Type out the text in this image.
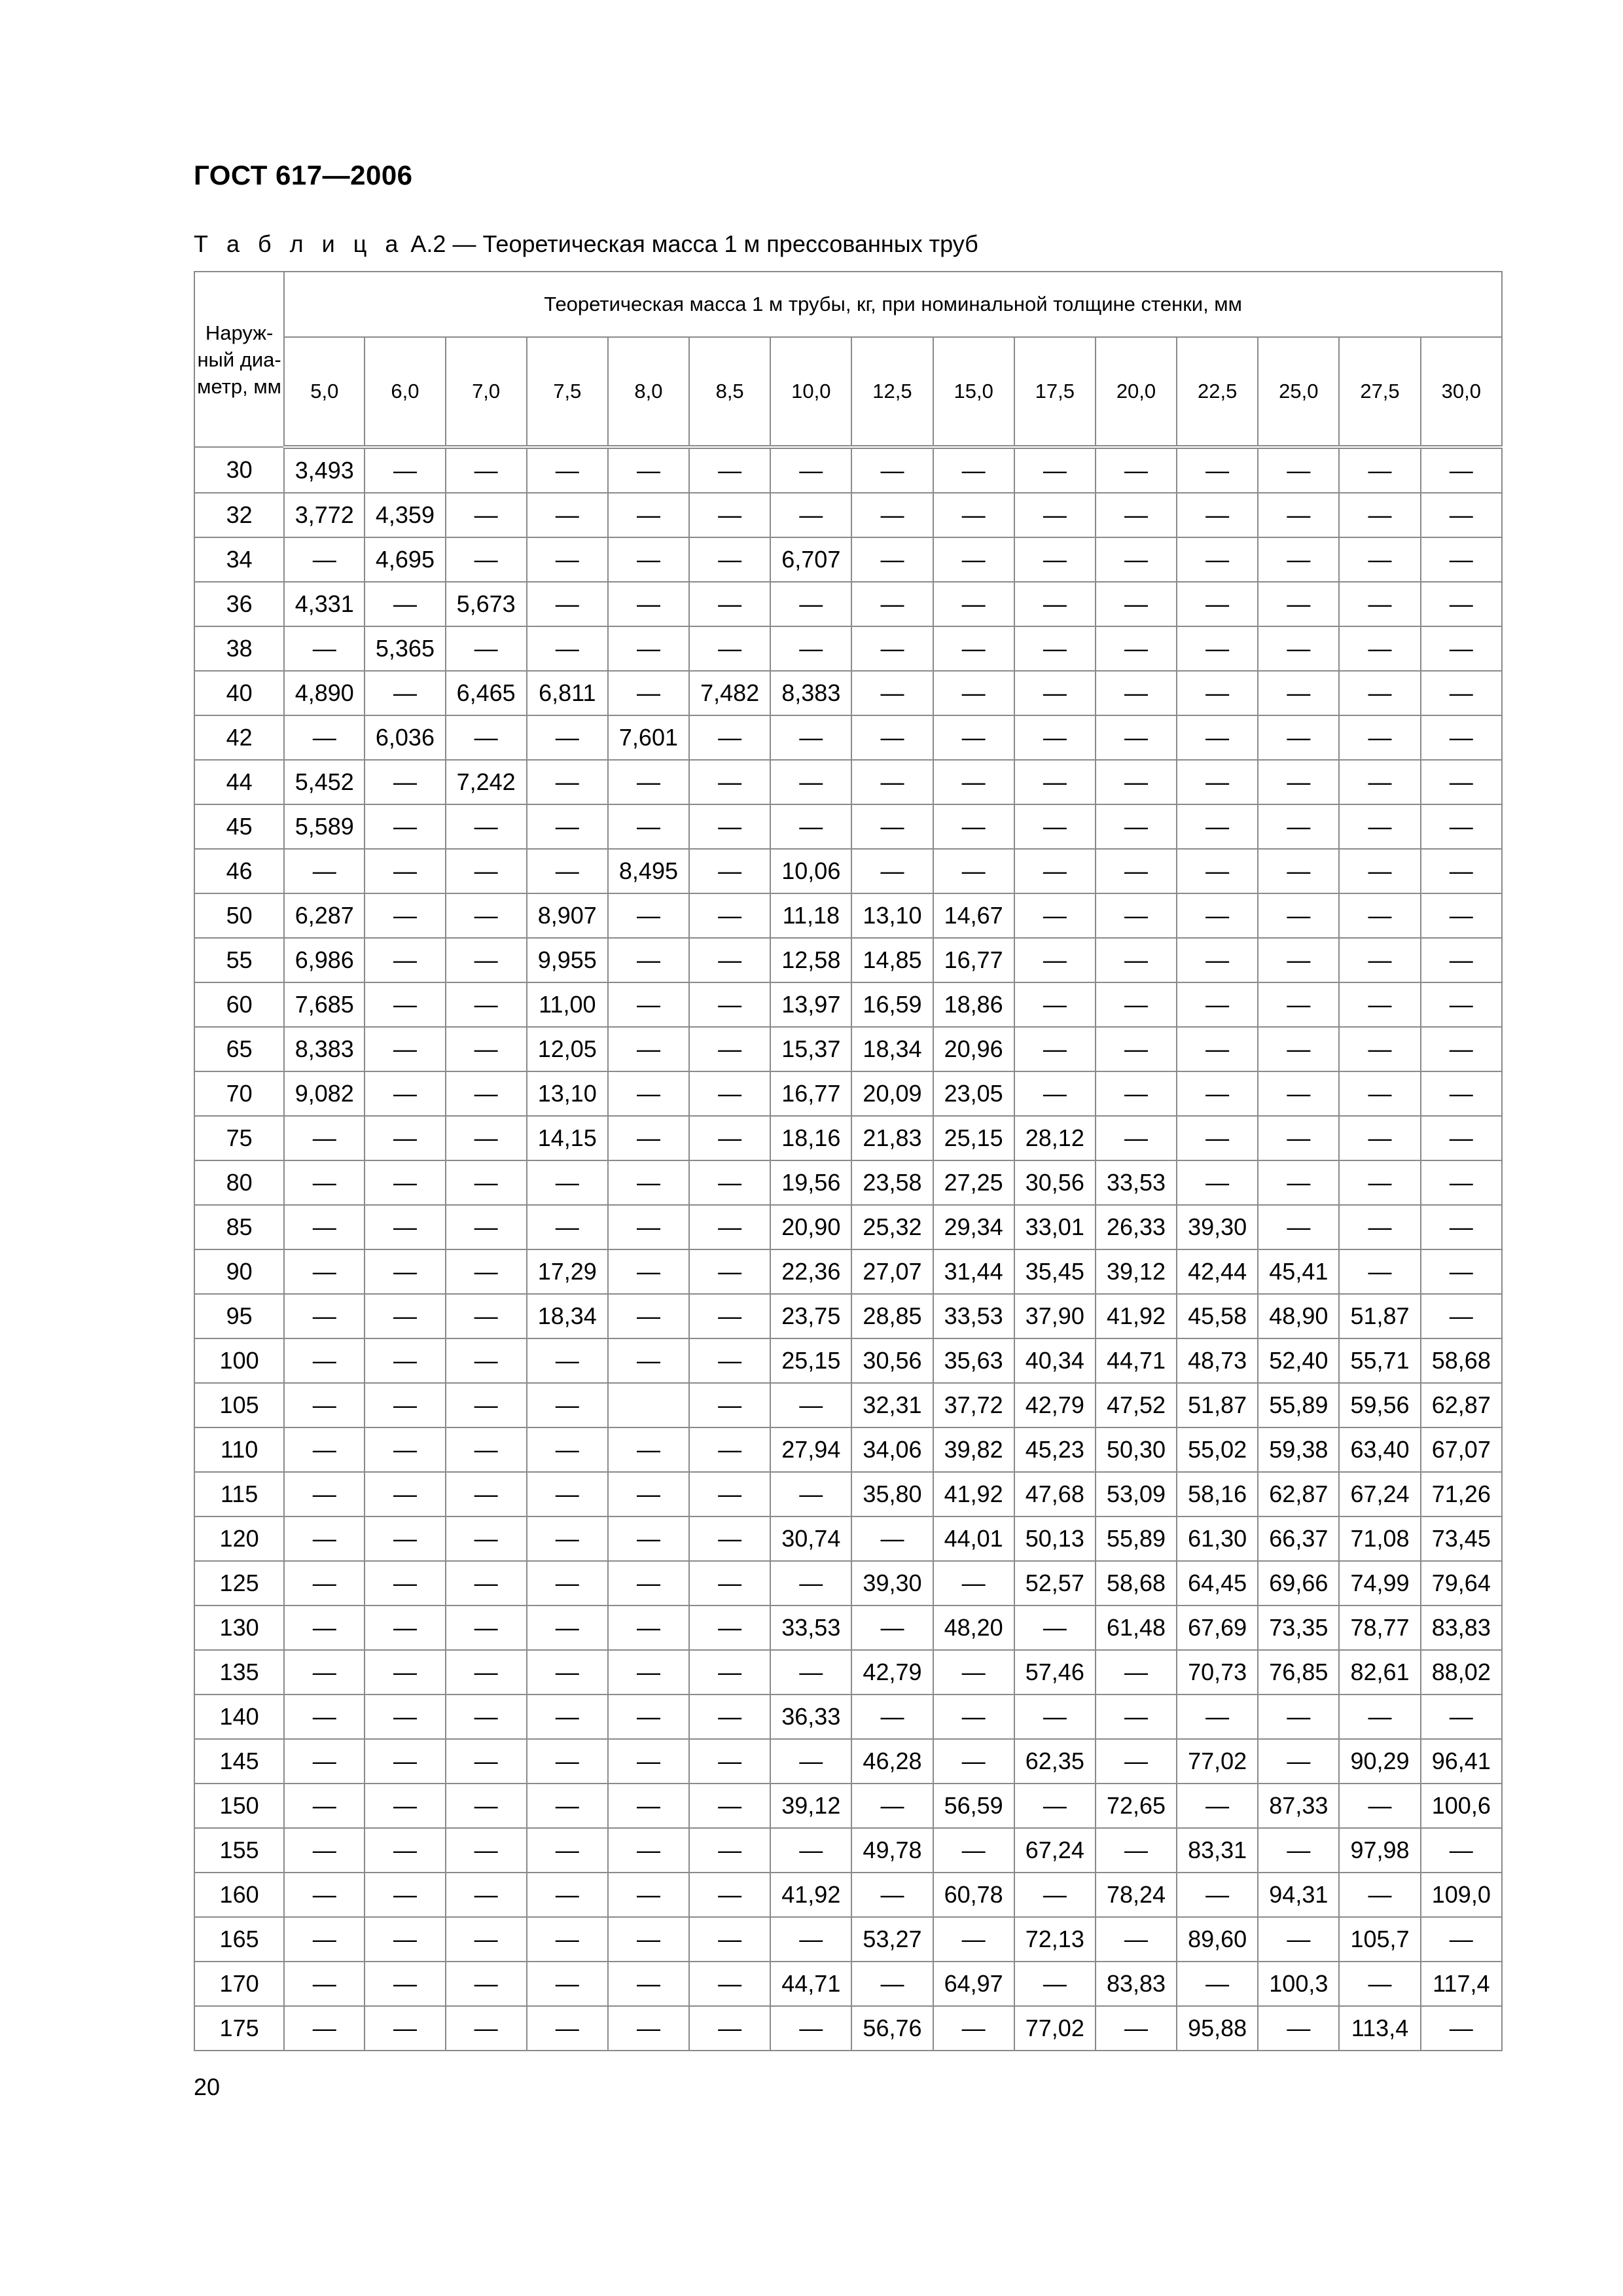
ГОСТ 617—2006
Т а б л и ц а А.2 — Теоретическая масса 1 м прессованных труб
Наруж-ный диа-метр, мм	Теоретическая масса 1 м трубы, кг, при номинальной толщине стенки, мм														
	5,0	6,0	7,0	7,5	8,0	8,5	10,0	12,5	15,0	17,5	20,0	22,5	25,0	27,5	30,0
30	3,493	—	—	—	—	—	—	—	—	—	—	—	—	—	—
32	3,772	4,359	—	—	—	—	—	—	—	—	—	—	—	—	—
34	—	4,695	—	—	—	—	6,707	—	—	—	—	—	—	—	—
36	4,331	—	5,673	—	—	—	—	—	—	—	—	—	—	—	—
38	—	5,365	—	—	—	—	—	—	—	—	—	—	—	—	—
40	4,890	—	6,465	6,811	—	7,482	8,383	—	—	—	—	—	—	—	—
42	—	6,036	—	—	7,601	—	—	—	—	—	—	—	—	—	—
44	5,452	—	7,242	—	—	—	—	—	—	—	—	—	—	—	—
45	5,589	—	—	—	—	—	—	—	—	—	—	—	—	—	—
46	—	—	—	—	8,495	—	10,06	—	—	—	—	—	—	—	—
50	6,287	—	—	8,907	—	—	11,18	13,10	14,67	—	—	—	—	—	—
55	6,986	—	—	9,955	—	—	12,58	14,85	16,77	—	—	—	—	—	—
60	7,685	—	—	11,00	—	—	13,97	16,59	18,86	—	—	—	—	—	—
65	8,383	—	—	12,05	—	—	15,37	18,34	20,96	—	—	—	—	—	—
70	9,082	—	—	13,10	—	—	16,77	20,09	23,05	—	—	—	—	—	—
75	—	—	—	14,15	—	—	18,16	21,83	25,15	28,12	—	—	—	—	—
80	—	—	—	—	—	—	19,56	23,58	27,25	30,56	33,53	—	—	—	—
85	—	—	—	—	—	—	20,90	25,32	29,34	33,01	26,33	39,30	—	—	—
90	—	—	—	17,29	—	—	22,36	27,07	31,44	35,45	39,12	42,44	45,41	—	—
95	—	—	—	18,34	—	—	23,75	28,85	33,53	37,90	41,92	45,58	48,90	51,87	—
100	—	—	—	—	—	—	25,15	30,56	35,63	40,34	44,71	48,73	52,40	55,71	58,68
105	—	—	—	—		—	—	32,31	37,72	42,79	47,52	51,87	55,89	59,56	62,87
110	—	—	—	—	—	—	27,94	34,06	39,82	45,23	50,30	55,02	59,38	63,40	67,07
115	—	—	—	—	—	—	—	35,80	41,92	47,68	53,09	58,16	62,87	67,24	71,26
120	—	—	—	—	—	—	30,74	—	44,01	50,13	55,89	61,30	66,37	71,08	73,45
125	—	—	—	—	—	—	—	39,30	—	52,57	58,68	64,45	69,66	74,99	79,64
130	—	—	—	—	—	—	33,53	—	48,20	—	61,48	67,69	73,35	78,77	83,83
135	—	—	—	—	—	—	—	42,79	—	57,46	—	70,73	76,85	82,61	88,02
140	—	—	—	—	—	—	36,33	—	—	—	—	—	—	—	—
145	—	—	—	—	—	—	—	46,28	—	62,35	—	77,02	—	90,29	96,41
150	—	—	—	—	—	—	39,12	—	56,59	—	72,65	—	87,33	—	100,6
155	—	—	—	—	—	—	—	49,78	—	67,24	—	83,31	—	97,98	—
160	—	—	—	—	—	—	41,92	—	60,78	—	78,24	—	94,31	—	109,0
165	—	—	—	—	—	—	—	53,27	—	72,13	—	89,60	—	105,7	—
170	—	—	—	—	—	—	44,71	—	64,97	—	83,83	—	100,3	—	117,4
175	—	—	—	—	—	—	—	56,76	—	77,02	—	95,88	—	113,4	—
20
